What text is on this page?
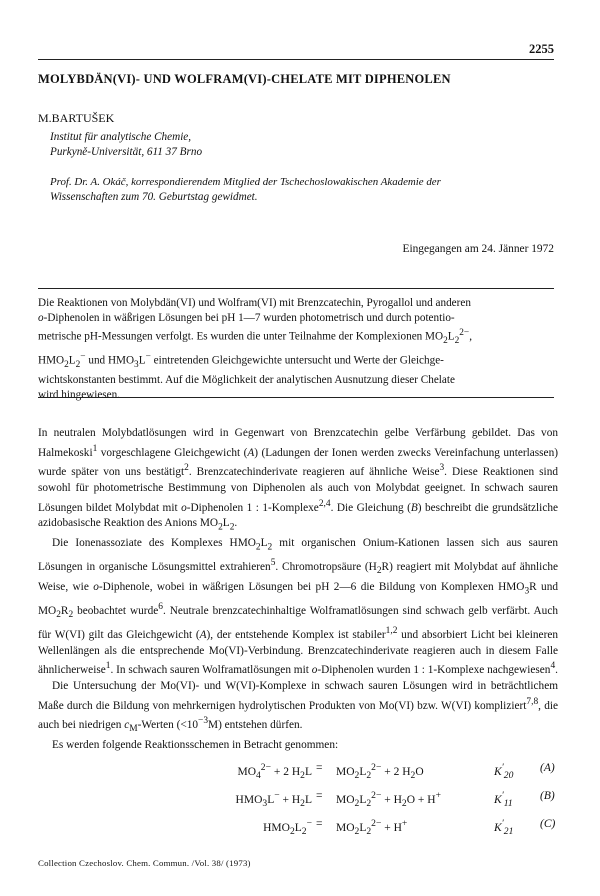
2255
MOLYBDÄN(VI)- UND WOLFRAM(VI)-CHELATE MIT DIPHENOLEN
M.BARTUŠEK
Institut für analytische Chemie,
Purkyně-Universität, 611 37 Brno
Prof. Dr. A. Okáč, korrespondierendem Mitglied der Tschechoslowakischen Akademie der
Wissenschaften zum 70. Geburtstag gewidmet.
Eingegangen am 24. Jänner 1972
Die Reaktionen von Molybdän(VI) und Wolfram(VI) mit Brenzcatechin, Pyrogallol und anderen
o-Diphenolen in wäßrigen Lösungen bei pH 1—7 wurden photometrisch und durch potentio-
metrische pH-Messungen verfolgt. Es wurden die unter Teilnahme der Komplexionen $MO_2L_2^{2-}$,
$HMO_2L_2^-$ und $HMO_3L^-$ eintretenden Gleichgewichte untersucht und Werte der Gleichge-
wichtskonstanten bestimmt. Auf die Möglichkeit der analytischen Ausnutzung dieser Chelate
wird hingewiesen.

In neutralen Molybdatlösungen wird in Gegenwart von Brenzcatechin gelbe Verfärbung gebildet. Das von Halmekoski$^1$ vorgeschlagene Gleichgewicht (A) (Ladungen der Ionen werden zwecks Vereinfachung unterlassen) wurde später von uns bestätigt$^2$. Brenzcatechinderivate reagieren auf ähnliche Weise$^3$. Diese Reaktionen sind sowohl für photometrische Bestimmung von Diphenolen als auch von Molybdat geeignet. In schwach sauren Lösungen bildet Molybdat mit o-Diphenolen 1 : 1-Komplexe$^{2,4}$. Die Gleichung (B) beschreibt die grundsätzliche azidobasische Reaktion des Anions $MO_2L_2$.

Die Ionenassoziate des Komplexes $HMO_2L_2$ mit organischen Onium-Kationen lassen sich aus sauren Lösungen in organische Lösungsmittel extrahieren$^5$. Chromotropsäure $(H_2R)$ reagiert mit Molybdat auf ähnliche Weise, wie o-Diphenole, wobei in wäßrigen Lösungen bei pH 2—6 die Bildung von Komplexen $HMO_3R$ und $MO_2R_2$ beobachtet wurde$^6$. Neutrale brenzcatechinhaltige Wolframatlösungen sind schwach gelb verfärbt. Auch für W(VI) gilt das Gleichgewicht (A), der entstehende Komplex ist stabiler$^{1,2}$ und absorbiert Licht bei kleineren Wellenlängen als die entsprechende Mo(VI)-Verbindung. Brenzcatechinderivate reagieren auch in diesem Falle ähnlicherweise$^1$. In schwach sauren Wolframatlösungen mit o-Diphenolen wurden 1 : 1-Komplexe nachgewiesen$^4$.

Die Untersuchung der Mo(VI)- und W(VI)-Komplexe in schwach sauren Lösungen wird in beträchtlichem Maße durch die Bildung von mehrkernigen hydrolytischen Produkten von Mo(VI) bzw. W(VI) kompliziert$^{7,8}$, die auch bei niedrigen $c_M$-Werten $(<10^{-3}M)$ entstehen dürfen.

Es werden folgende Reaktionsschemen in Betracht genommen:

$MO_4^{2-} + 2$ $H_2L = MO_2L_2^{2-} + 2$ $H_2O$	$K'_{20}$
(A)
$HMO_3L^- + H_2L = MO_2L_2^{2-} + H_2O + H^+$	$K'_{11}$
(B)
$HMO_2L_2^- = MO_2L_2^{2-} + H^+$	$K'_{21}$
(C)
Collection Czechoslov. Chem. Commun. /Vol. 38/ (1973)
